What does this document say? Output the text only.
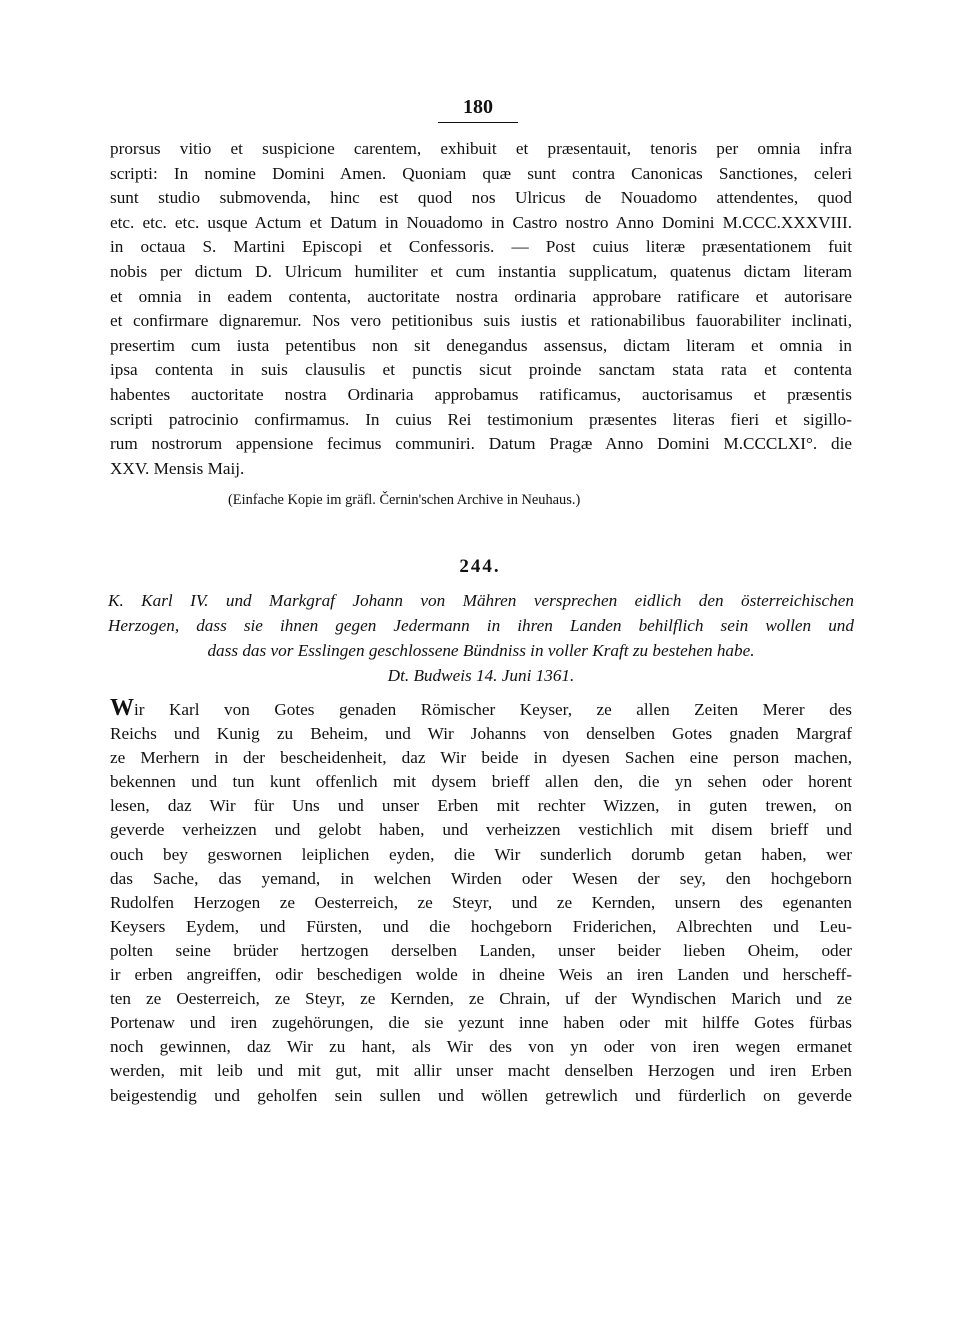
180
prorsus vitio et suspicione carentem, exhibuit et præsentauit, tenoris per omnia infra
scripti: In nomine Domini Amen. Quoniam quæ sunt contra Canonicas Sanctiones, celeri
sunt studio submovenda, hinc est quod nos Ulricus de Nouadomo attendentes, quod
etc. etc. etc. usque Actum et Datum in Nouadomo in Castro nostro Anno Domini M.CCC.XXXVIII.
in octaua S. Martini Episcopi et Confessoris. — Post cuius literæ præsentationem fuit
nobis per dictum D. Ulricum humiliter et cum instantia supplicatum, quatenus dictam literam
et omnia in eadem contenta, auctoritate nostra ordinaria approbare ratificare et autorisare
et confirmare dignaremur. Nos vero petitionibus suis iustis et rationabilibus fauorabiliter inclinati,
presertim cum iusta petentibus non sit denegandus assensus, dictam literam et omnia in
ipsa contenta in suis clausulis et punctis sicut proinde sanctam stata rata et contenta
habentes auctoritate nostra Ordinaria approbamus ratificamus, auctorisamus et præsentis
scripti patrocinio confirmamus. In cuius Rei testimonium præsentes literas fieri et sigillo-
rum nostrorum appensione fecimus communiri. Datum Pragæ Anno Domini M.CCCLXI°. die
XXV. Mensis Maij.
(Einfache Kopie im gräfl. Černin'schen Archive in Neuhaus.)
244.
K. Karl IV. und Markgraf Johann von Mähren versprechen eidlich den österreichischen
Herzogen, dass sie ihnen gegen Jedermann in ihren Landen behilflich sein wollen und
dass das vor Esslingen geschlossene Bündniss in voller Kraft zu bestehen habe.
Dt. Budweis 14. Juni 1361.
Wir Karl von Gotes genaden Römischer Keyser, ze allen Zeiten Merer des
Reichs und Kunig zu Beheim, und Wir Johanns von denselben Gotes gnaden Margraf
ze Merhern in der bescheidenheit, daz Wir beide in dyesen Sachen eine person machen,
bekennen und tun kunt offenlich mit dysem brieff allen den, die yn sehen oder horent
lesen, daz Wir für Uns und unser Erben mit rechter Wizzen, in guten trewen, on
geverde verheizzen und gelobt haben, und verheizzen vestichlich mit disem brieff und
ouch bey geswornen leiplichen eyden, die Wir sunderlich dorumb getan haben, wer
das Sache, das yemand, in welchen Wirden oder Wesen der sey, den hochgeborn
Rudolfen Herzogen ze Oesterreich, ze Steyr, und ze Kernden, unsern des egenanten
Keysers Eydem, und Fürsten, und die hochgeborn Friderichen, Albrechten und Leu-
polten seine brüder hertzogen derselben Landen, unser beider lieben Oheim, oder
ir erben angreiffen, odir beschedigen wolde in dheine Weis an iren Landen und herscheff-
ten ze Oesterreich, ze Steyr, ze Kernden, ze Chrain, uf der Wyndischen Marich und ze
Portenaw und iren zugehörungen, die sie yezunt inne haben oder mit hilffe Gotes fürbas
noch gewinnen, daz Wir zu hant, als Wir des von yn oder von iren wegen ermanet
werden, mit leib und mit gut, mit allir unser macht denselben Herzogen und iren Erben
beigestendig und geholfen sein sullen und wöllen getrewlich und fürderlich on geverde
